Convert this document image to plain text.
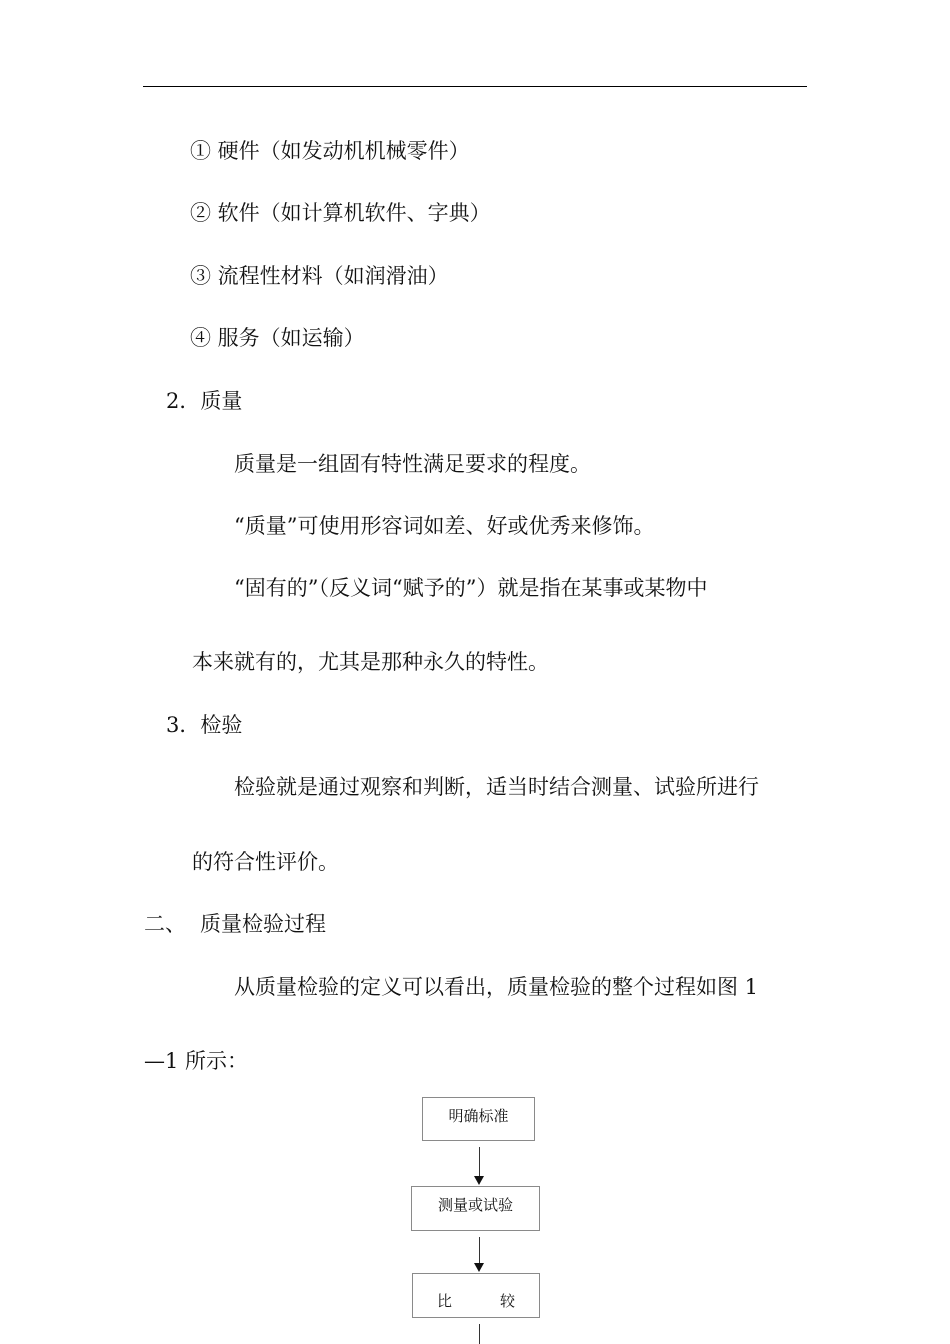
① 硬件（如发动机机械零件）
② 软件（如计算机软件、字典）
③ 流程性材料（如润滑油）
④ 服务（如运输）
2．质量
质量是一组固有特性满足要求的程度。
“质量”可使用形容词如差、好或优秀来修饰。
“固有的”（反义词“赋予的”）就是指在某事或某物中
本来就有的，尤其是那种永久的特性。
3．检验
检验就是通过观察和判断，适当时结合测量、试验所进行
的符合性评价。
二、 质量检验过程
从质量检验的定义可以看出，质量检验的整个过程如图 1
—1 所示：
明确标准
测量或试验
比	较
